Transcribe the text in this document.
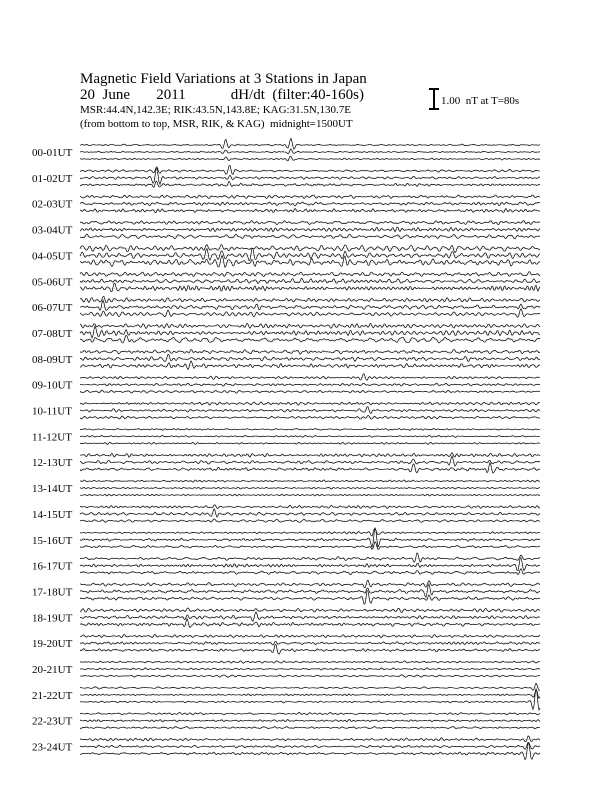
Magnetic Field Variations at 3 Stations in Japan
20  June       2011            dH/dt  (filter:40-160s)
MSR:44.4N,142.3E; RIK:43.5N,143.8E; KAG:31.5N,130.7E
(from bottom to top, MSR, RIK, & KAG)  midnight=1500UT
1.00  nT at T=80s
00-01UT
01-02UT
02-03UT
03-04UT
04-05UT
05-06UT
06-07UT
07-08UT
08-09UT
09-10UT
10-11UT
11-12UT
12-13UT
13-14UT
14-15UT
15-16UT
16-17UT
17-18UT
18-19UT
19-20UT
20-21UT
21-22UT
22-23UT
23-24UT
